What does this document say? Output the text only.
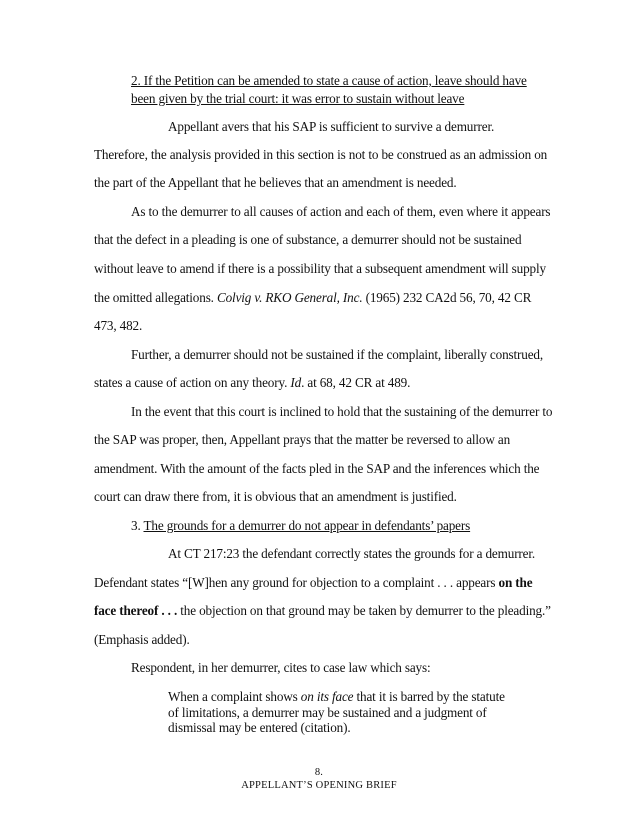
2. If the Petition can be amended to state a cause of action, leave should have
been given by the trial court: it was error to sustain without leave
Appellant avers that his SAP is sufficient to survive a demurrer.
Therefore, the analysis provided in this section is not to be construed as an admission on
the part of the Appellant that he believes that an amendment is needed.
As to the demurrer to all causes of action and each of them, even where it appears
that the defect in a pleading is one of substance, a demurrer should not be sustained
without leave to amend if there is a possibility that a subsequent amendment will supply
the omitted allegations. Colvig v. RKO General, Inc. (1965) 232 CA2d 56, 70, 42 CR
473, 482.
Further, a demurrer should not be sustained if the complaint, liberally construed,
states a cause of action on any theory. Id. at 68, 42 CR at 489.
In the event that this court is inclined to hold that the sustaining of the demurrer to
the SAP was proper, then, Appellant prays that the matter be reversed to allow an
amendment. With the amount of the facts pled in the SAP and the inferences which the
court can draw there from, it is obvious that an amendment is justified.
3. The grounds for a demurrer do not appear in defendants’ papers
At CT 217:23 the defendant correctly states the grounds for a demurrer.
Defendant states “[W]hen any ground for objection to a complaint . . . appears on the
face thereof . . . the objection on that ground may be taken by demurrer to the pleading.”
(Emphasis added).
Respondent, in her demurrer, cites to case law which says:
When a complaint shows on its face that it is barred by the statute
of limitations, a demurrer may be sustained and a judgment of
dismissal may be entered (citation).
8.
APPELLANT’S OPENING BRIEF
